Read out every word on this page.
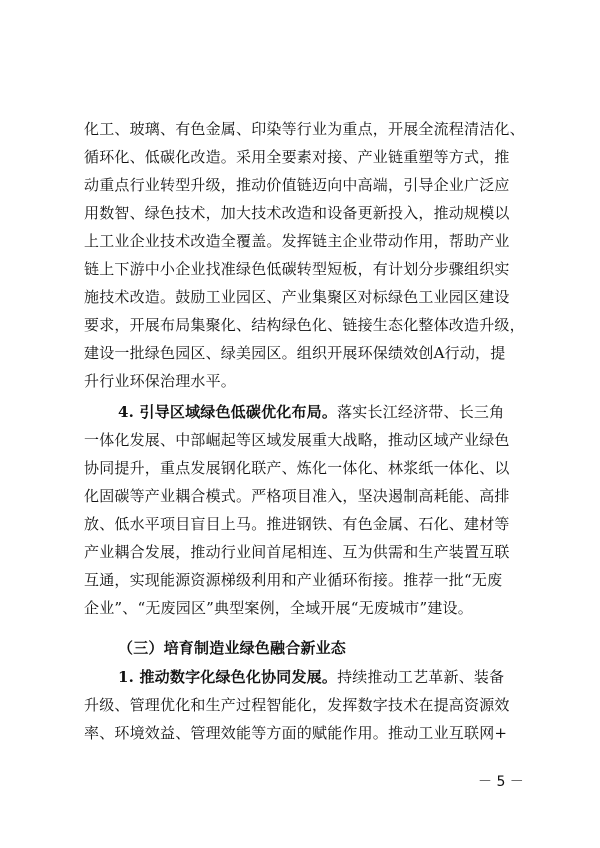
化工、玻璃、有色金属、印染等行业为重点，开展全流程清洁化、
循环化、低碳化改造。采用全要素对接、产业链重塑等方式，推
动重点行业转型升级，推动价值链迈向中高端，引导企业广泛应
用数智、绿色技术，加大技术改造和设备更新投入，推动规模以
上工业企业技术改造全覆盖。发挥链主企业带动作用，帮助产业
链上下游中小企业找准绿色低碳转型短板，有计划分步骤组织实
施技术改造。鼓励工业园区、产业集聚区对标绿色工业园区建设
要求，开展布局集聚化、结构绿色化、链接生态化整体改造升级，
建设一批绿色园区、绿美园区。组织开展环保绩效创A行动，提
升行业环保治理水平。
4. 引导区域绿色低碳优化布局。落实长江经济带、长三角
一体化发展、中部崛起等区域发展重大战略，推动区域产业绿色
协同提升，重点发展钢化联产、炼化一体化、林浆纸一体化、以
化固碳等产业耦合模式。严格项目准入，坚决遏制高耗能、高排
放、低水平项目盲目上马。推进钢铁、有色金属、石化、建材等
产业耦合发展，推动行业间首尾相连、互为供需和生产装置互联
互通，实现能源资源梯级利用和产业循环衔接。推荐一批“无废
企业”、“无废园区”典型案例，全域开展“无废城市”建设。
（三）培育制造业绿色融合新业态
1. 推动数字化绿色化协同发展。持续推动工艺革新、装备
升级、管理优化和生产过程智能化，发挥数字技术在提高资源效
率、环境效益、管理效能等方面的赋能作用。推动工业互联网+
－ 5 －
